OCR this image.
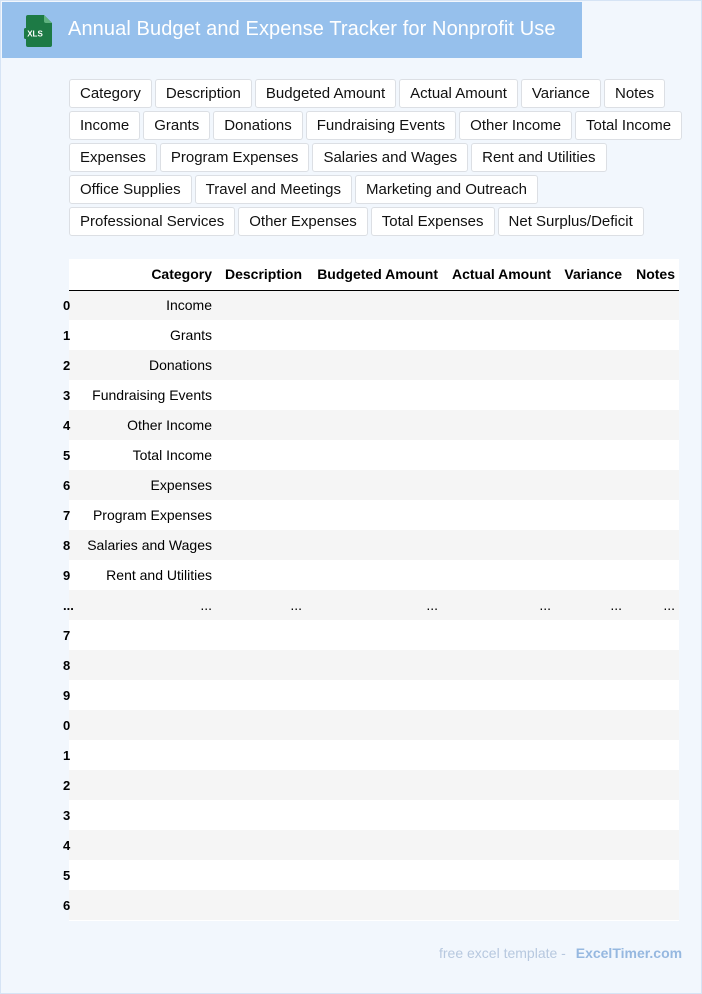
XLS Annual Budget and Expense Tracker for Nonprofit Use
Category	Description	Budgeted Amount	Actual Amount	Variance	Notes
Income	Grants	Donations	Fundraising Events	Other Income	Total Income
Expenses	Program Expenses	Salaries and Wages	Rent and Utilities
Office Supplies	Travel and Meetings	Marketing and Outreach
Professional Services	Other Expenses	Total Expenses	Net Surplus/Deficit
	Category	Description	Budgeted Amount	Actual Amount	Variance	Notes
0	Income					
1	Grants					
2	Donations					
3	Fundraising Events					
4	Other Income					
5	Total Income					
6	Expenses					
7	Program Expenses					
8	Salaries and Wages					
9	Rent and Utilities					
...	...	...	...	...	...	...
7						
8						
9						
0						
1						
2						
3						
4						
5						
6						
free excel template - ExcelTimer.com
